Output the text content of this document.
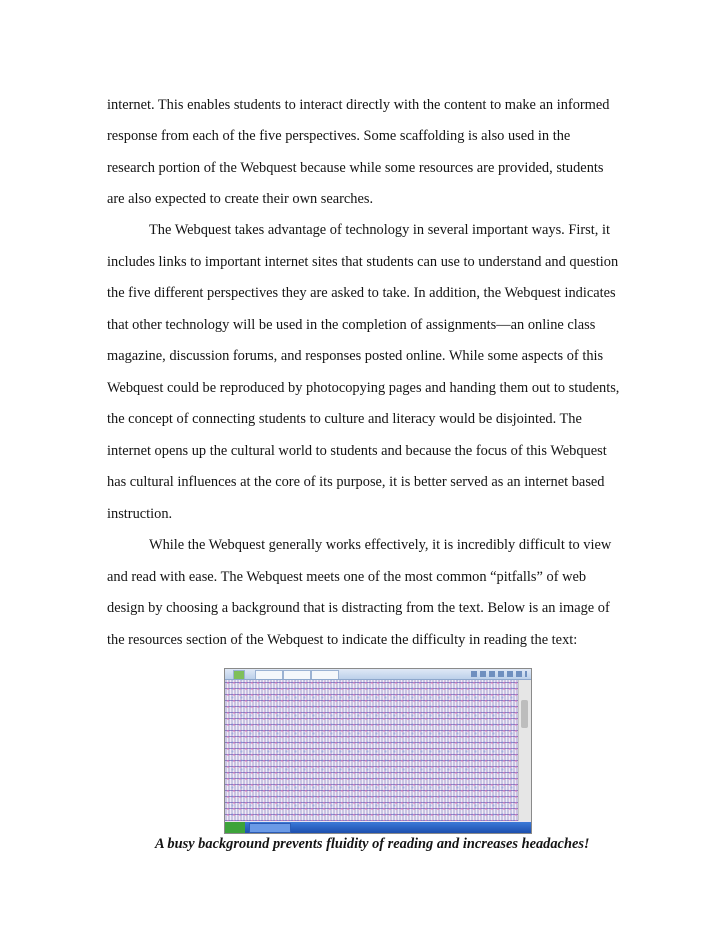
internet. This enables students to interact directly with the content to make an informed
response from each of the five perspectives. Some scaffolding is also used in the
research portion of the Webquest because while some resources are provided, students
are also expected to create their own searches.
The Webquest takes advantage of technology in several important ways. First, it
includes links to important internet sites that students can use to understand and question
the five different perspectives they are asked to take. In addition, the Webquest indicates
that other technology will be used in the completion of assignments—an online class
magazine, discussion forums, and responses posted online. While some aspects of this
Webquest could be reproduced by photocopying pages and handing them out to students,
the concept of connecting students to culture and literacy would be disjointed. The
internet opens up the cultural world to students and because the focus of this Webquest
has cultural influences at the core of its purpose, it is better served as an internet based
instruction.
While the Webquest generally works effectively, it is incredibly difficult to view
and read with ease. The Webquest meets one of the most common “pitfalls” of web
design by choosing a background that is distracting from the text. Below is an image of
the resources section of the Webquest to indicate the difficulty in reading the text:
A busy background prevents fluidity of reading and increases headaches!
